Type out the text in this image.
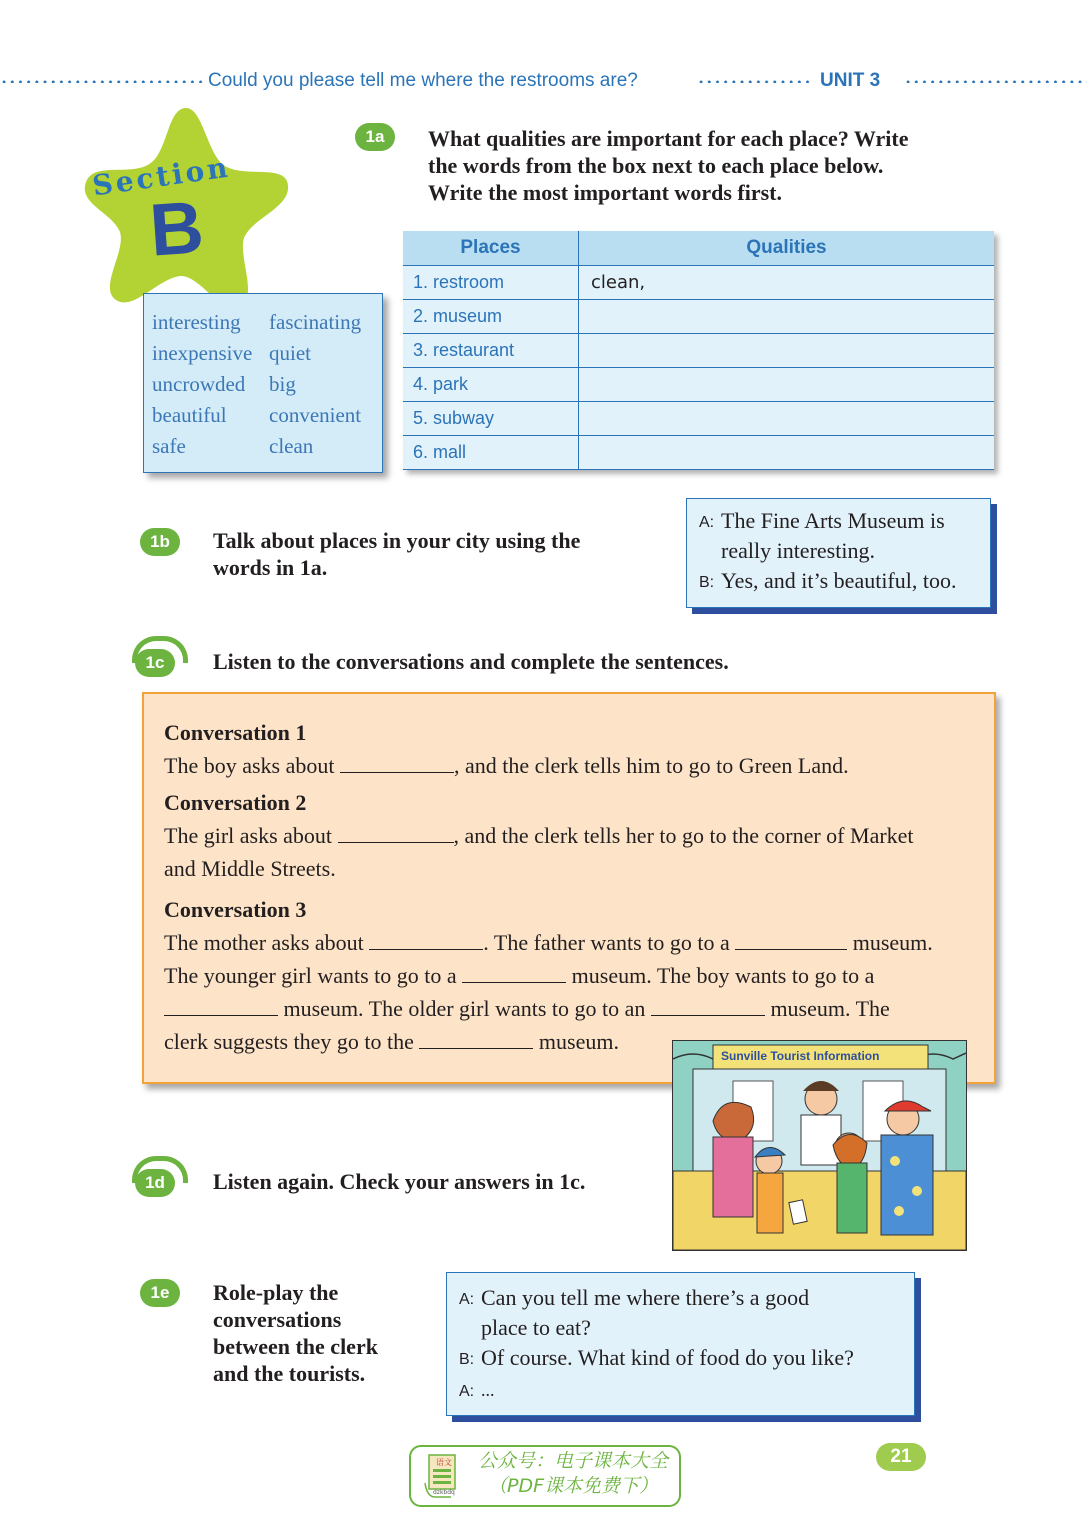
Could you please tell me where the restrooms are?	UNIT 3
Section
B
1a	What qualities are important for each place? Write
the words from the box next to each place below.
Write the most important words first.
interesting
inexpensive
uncrowded
beautiful
safe
fascinating
quiet
big
convenient
clean
Places	Qualities
1. restroom	clean,
2. museum	
3. restaurant	
4. park	
5. subway	
6. mall	
1b	Talk about places in your city using the
words in 1a.
A: The Fine Arts Museum is
really interesting.
B: Yes, and it’s beautiful, too.
1c	Listen to the conversations and complete the sentences.
Conversation 1
The boy asks about	, and the clerk tells him to go to Green Land.
Conversation 2
The girl asks about	, and the clerk tells her to go to the corner of Market
and Middle Streets.
Conversation 3
The mother asks about	. The father wants to go to a	museum.
The younger girl wants to go to a	museum. The boy wants to go to a
museum. The older girl wants to go to an	museum. The
clerk suggests they go to the	museum.
Sunville Tourist Information
1d	Listen again. Check your answers in 1c.
1e	Role-play the
conversations
between the clerk
and the tourists.
A: Can you tell me where there’s a good
place to eat?
B: Of course. What kind of food do you like?
A: ...
语文
dzkbdq
公众号：电子课本大全
（PDF课本免费下）
21
